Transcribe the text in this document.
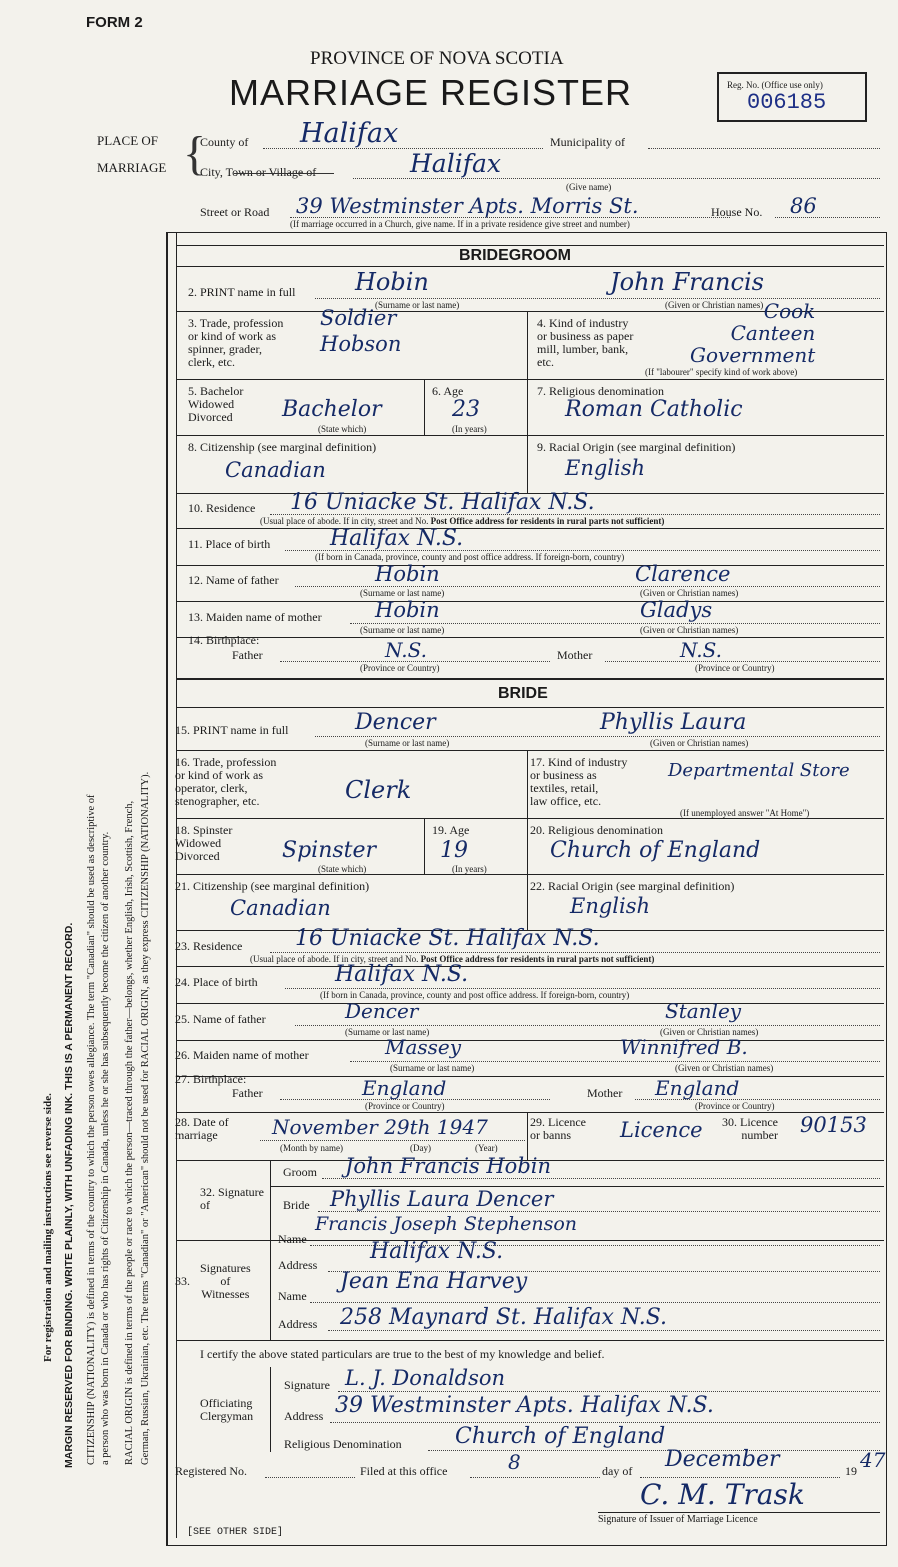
FORM 2
PROVINCE OF NOVA SCOTIA
MARRIAGE REGISTER	Reg. No. (Office use only)
006185
PLACE OF
MARRIAGE {
County of Halifax	Municipality of
City, Town or Village of	Halifax
(Give name)
Street or Road 39 Westminster Apts. Morris St.	House No. 86
(If marriage occurred in a Church, give name. If in a private residence give street and number)
BRIDEGROOM
2. PRINT name in full Hobin	John Francis
(Surname or last name)	(Given or Christian names)
3. Trade, profession
or kind of work as
spinner, grader,
clerk, etc.
Soldier
Hobson
4. Kind of industry
or business as paper
mill, lumber, bank,
etc.
Cook
Canteen
Government
(If "labourer" specify kind of work above)
5. Bachelor
Widowed
Divorced	Bachelor
(State which)
6. Age
23
(In years)
7. Religious denomination
Roman Catholic
8. Citizenship (see marginal definition)
Canadian
9. Racial Origin (see marginal definition)
English
10. Residence 16 Uniacke St. Halifax N.S.
(Usual place of abode. If in city, street and No. Post Office address for residents in rural parts not sufficient)
11. Place of birth	Halifax N.S.
(If born in Canada, province, county and post office address. If foreign-born, country)
12. Name of father	Hobin	Clarence
(Surname or last name)	(Given or Christian names)
13. Maiden name of mother	Hobin	Gladys
(Surname or last name)	(Given or Christian names)
14. Birthplace:
Father	N.S.	Mother	N.S.
(Province or Country)	(Province or Country)
BRIDE
15. PRINT name in full	Dencer	Phyllis Laura
(Surname or last name)	(Given or Christian names)
16. Trade, profession
or kind of work as
operator, clerk,
stenographer, etc.	Clerk
17. Kind of industry
or business as
textiles, retail,
law office, etc.
Departmental Store
(If unemployed answer "At Home")
18. Spinster
Widowed
Divorced	Spinster
(State which)
19. Age
19
(In years)
20. Religious denomination
Church of England
21. Citizenship (see marginal definition)
Canadian
22. Racial Origin (see marginal definition)
English
23. Residence 16 Uniacke St. Halifax N.S.
(Usual place of abode. If in city, street and No. Post Office address for residents in rural parts not sufficient)
24. Place of birth	Halifax N.S.
(If born in Canada, province, county and post office address. If foreign-born, country)
25. Name of father	Dencer	Stanley
(Surname or last name)	(Given or Christian names)
26. Maiden name of mother	Massey	Winnifred B.
(Surname or last name)	(Given or Christian names)
27. Birthplace:
Father	England	Mother England
(Province or Country)	(Province or Country)
28. Date of
marriage	November 29th 1947
(Month by name)	(Day)	(Year)
29. Licence
or banns	Licence 30. Licence
number 90153
32. Signature
of
Groom John Francis Hobin
Bride Phyllis Laura Dencer
33.
Signatures
of
Witnesses
Name
Francis Joseph Stephenson
Address
Halifax N.S.
Name
Jean Ena Harvey
Address 258 Maynard St. Halifax N.S.
I certify the above stated particulars are true to the best of my knowledge and belief.
Officiating
Clergyman
Signature L. J. Donaldson
Address 39 Westminster Apts. Halifax N.S.
Religious Denomination Church of England
Registered No.	Filed at this office	8	day of December	19 47
C. M. Trask
Signature of Issuer of Marriage Licence
[SEE OTHER SIDE]
For registration and mailing instructions see reverse side. MARGIN RESERVED FOR BINDING. WRITE PLAINLY, WITH UNFADING INK. THIS IS A PERMANENT RECORD. CITIZENSHIP (NATIONALITY) is defined in terms of the country to which the person owes allegiance. The term "Canadian" should be used as descriptive of a person who was born in Canada or who has rights of Citizenship in Canada, unless he or she has subsequently become the citizen of another country. RACIAL ORIGIN is defined in terms of the people or race to which the person—traced through the father—belongs, whether English, Irish, Scottish, French, German, Russian, Ukrainian, etc. The terms "Canadian" or "American" should not be used for RACIAL ORIGIN, as they express CITIZENSHIP (NATIONALITY).
